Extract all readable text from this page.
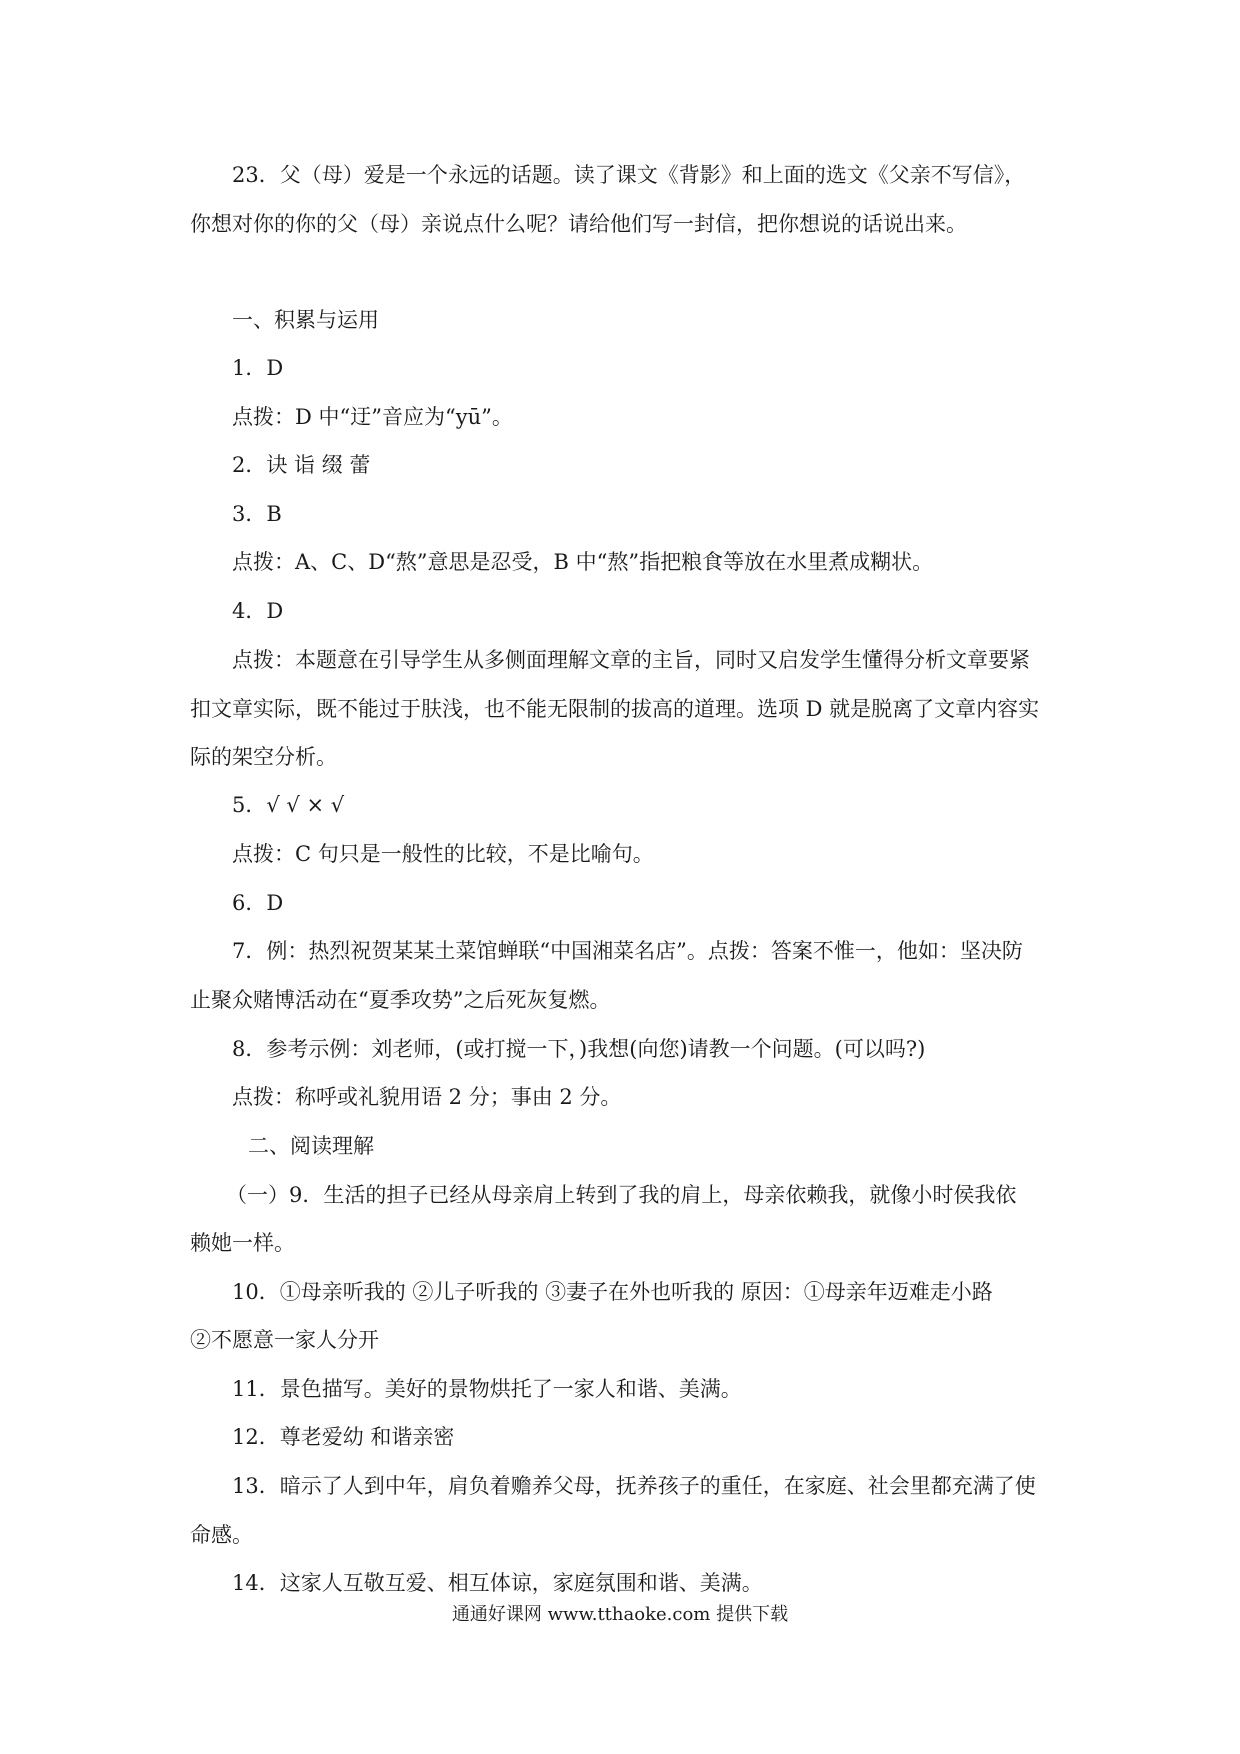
23．父（母）爱是一个永远的话题。读了课文《背影》和上面的选文《父亲不写信》，
你想对你的你的父（母）亲说点什么呢？请给他们写一封信，把你想说的话说出来。
一、积累与运用
1．D
点拨：D 中“迂”音应为“yū”。
2．诀 诣 缀 蕾
3．B
点拨：A、C、D“熬”意思是忍受，B 中“熬”指把粮食等放在水里煮成糊状。
4．D
点拨：本题意在引导学生从多侧面理解文章的主旨，同时又启发学生懂得分析文章要紧
扣文章实际，既不能过于肤浅，也不能无限制的拔高的道理。选项 D 就是脱离了文章内容实
际的架空分析。
5．√ √ × √
点拨：C 句只是一般性的比较，不是比喻句。
6．D
7．例：热烈祝贺某某土菜馆蝉联“中国湘菜名店”。点拨：答案不惟一，他如：坚决防
止聚众赌博活动在“夏季攻势”之后死灰复燃。
8．参考示例：刘老师，(或打搅一下，)我想(向您)请教一个问题。(可以吗?)
点拨：称呼或礼貌用语 2 分；事由 2 分。
二、阅读理解
（一）9．生活的担子已经从母亲肩上转到了我的肩上，母亲依赖我，就像小时侯我依
赖她一样。
10．①母亲听我的 ②儿子听我的 ③妻子在外也听我的 原因：①母亲年迈难走小路
②不愿意一家人分开
11．景色描写。美好的景物烘托了一家人和谐、美满。
12．尊老爱幼 和谐亲密
13．暗示了人到中年，肩负着赡养父母，抚养孩子的重任，在家庭、社会里都充满了使
命感。
14．这家人互敬互爱、相互体谅，家庭氛围和谐、美满。
通通好课网 www.tthaoke.com 提供下载
